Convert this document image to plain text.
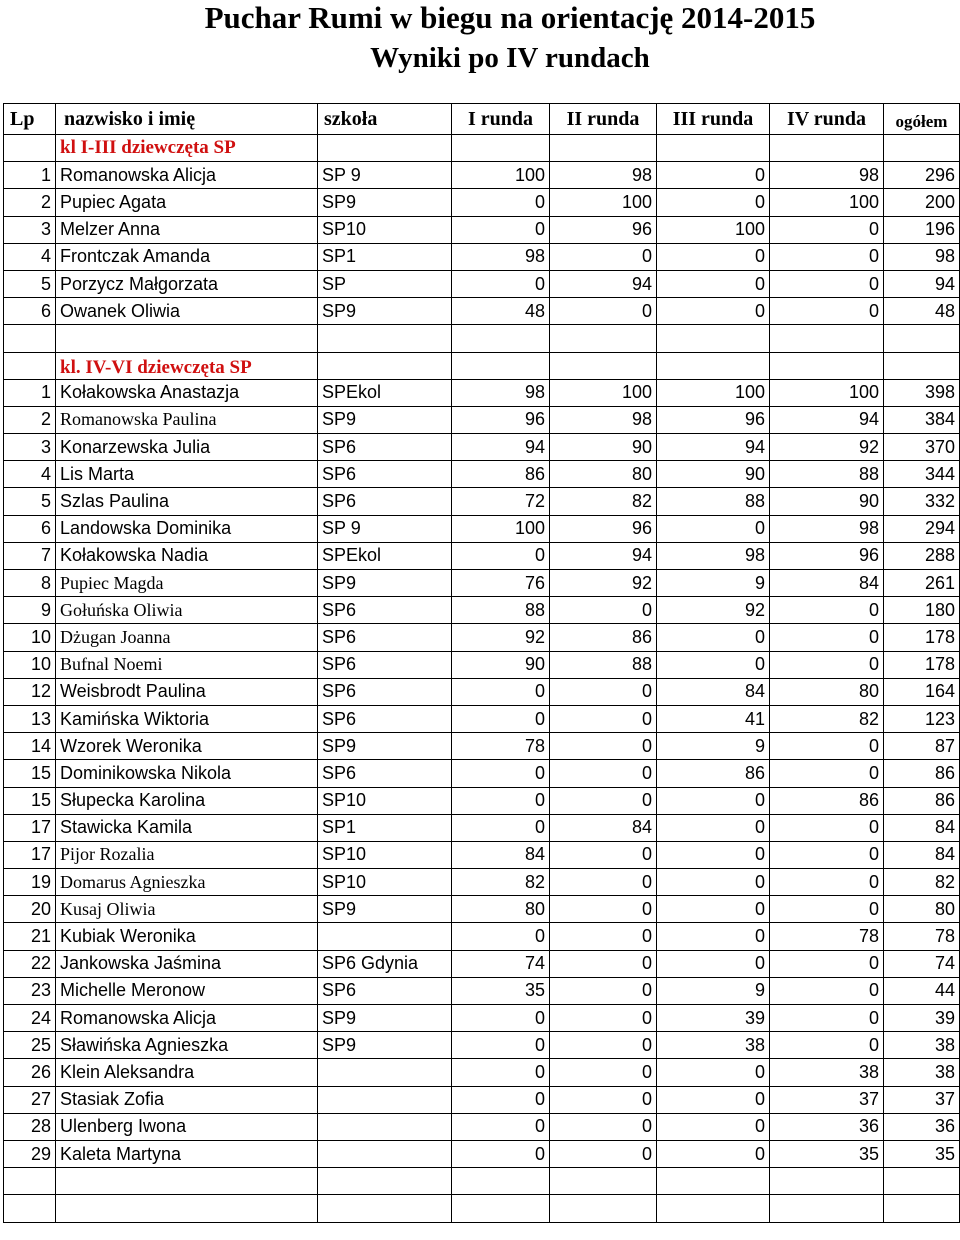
Puchar Rumi w biegu na orientację 2014-2015
Wyniki po IV rundach
Lp	nazwisko i imię	szkoła	I runda	II runda	III runda	IV runda	ogółem
	kl I-III dziewczęta SP						
1	Romanowska Alicja	SP 9	100	98	0	98	296
2	Pupiec Agata	SP9	0	100	0	100	200
3	Melzer Anna	SP10	0	96	100	0	196
4	Frontczak Amanda	SP1	98	0	0	0	98
5	Porzycz Małgorzata	SP	0	94	0	0	94
6	Owanek Oliwia	SP9	48	0	0	0	48

	kl. IV-VI dziewczęta SP						
1	Kołakowska Anastazja	SPEkol	98	100	100	100	398
2	Romanowska Paulina	SP9	96	98	96	94	384
3	Konarzewska Julia	SP6	94	90	94	92	370
4	Lis Marta	SP6	86	80	90	88	344
5	Szlas Paulina	SP6	72	82	88	90	332
6	Landowska Dominika	SP 9	100	96	0	98	294
7	Kołakowska Nadia	SPEkol	0	94	98	96	288
8	Pupiec Magda	SP9	76	92	9	84	261
9	Gołuńska Oliwia	SP6	88	0	92	0	180
10	Dżugan Joanna	SP6	92	86	0	0	178
10	Bufnal Noemi	SP6	90	88	0	0	178
12	Weisbrodt Paulina	SP6	0	0	84	80	164
13	Kamińska Wiktoria	SP6	0	0	41	82	123
14	Wzorek Weronika	SP9	78	0	9	0	87
15	Dominikowska Nikola	SP6	0	0	86	0	86
15	Słupecka Karolina	SP10	0	0	0	86	86
17	Stawicka Kamila	SP1	0	84	0	0	84
17	Pijor Rozalia	SP10	84	0	0	0	84
19	Domarus Agnieszka	SP10	82	0	0	0	82
20	Kusaj Oliwia	SP9	80	0	0	0	80
21	Kubiak Weronika		0	0	0	78	78
22	Jankowska Jaśmina	SP6 Gdynia	74	0	0	0	74
23	Michelle Meronow	SP6	35	0	9	0	44
24	Romanowska Alicja	SP9	0	0	39	0	39
25	Sławińska Agnieszka	SP9	0	0	38	0	38
26	Klein Aleksandra		0	0	0	38	38
27	Stasiak Zofia		0	0	0	37	37
28	Ulenberg Iwona		0	0	0	36	36
29	Kaleta Martyna		0	0	0	35	35
